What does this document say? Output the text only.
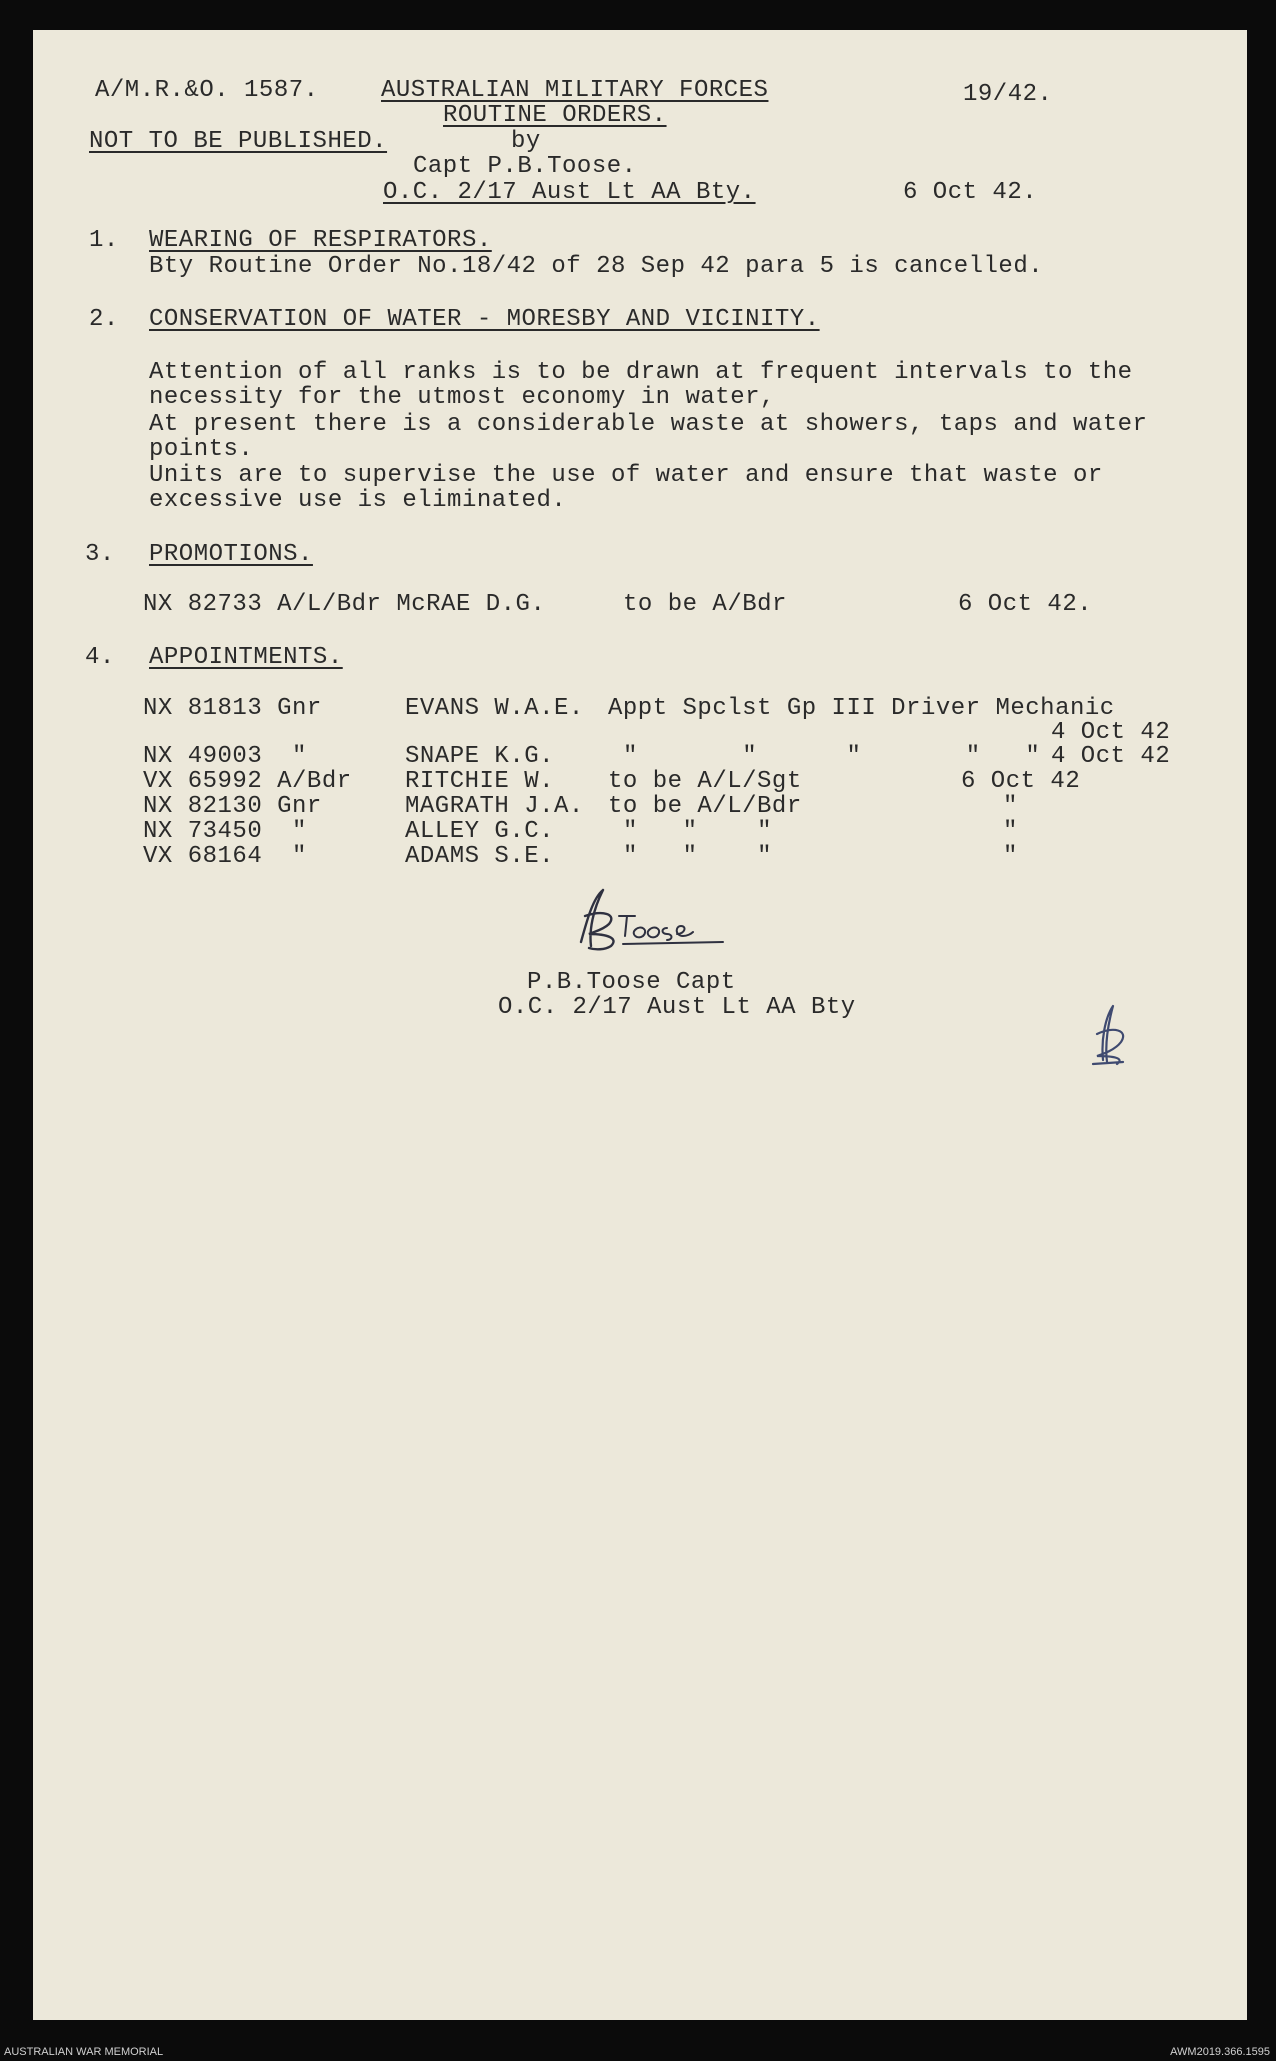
A/M.R.&O. 1587.	AUSTRALIAN MILITARY FORCES
ROUTINE ORDERS.
19/42.
NOT TO BE PUBLISHED.	by
Capt P.B.Toose.
O.C. 2/17 Aust Lt AA Bty.	6 Oct 42.
1. WEARING OF RESPIRATORS.
Bty Routine Order No.18/42 of 28 Sep 42 para 5 is cancelled.
2. CONSERVATION OF WATER - MORESBY AND VICINITY.
Attention of all ranks is to be drawn at frequent intervals to the
necessity for the utmost economy in water,
At present there is a considerable waste at showers, taps and water
points.
Units are to supervise the use of water and ensure that waste or
excessive use is eliminated.
3. PROMOTIONS.
NX 82733 A/L/Bdr McRAE D.G.	to be A/Bdr	6 Oct 42.
4. APPOINTMENTS.
NX 81813 Gnr	EVANS W.A.E. Appt Spclst Gp III Driver Mechanic
4 Oct 42
NX 49003  "	SNAPE K.G.	"       "      "       "   " 4 Oct 42
VX 65992 A/Bdr RITCHIE W. to be A/L/Sgt	6 Oct 42
NX 82130 Gnr	MAGRATH J.A. to be A/L/Bdr	"
NX 73450  "	ALLEY G.C.	"   "    "	"
VX 68164  "	ADAMS S.E.	"   "    "	"
P.B.Toose Capt
O.C. 2/17 Aust Lt AA Bty
AUSTRALIAN WAR MEMORIAL	AWM2019.366.1595
